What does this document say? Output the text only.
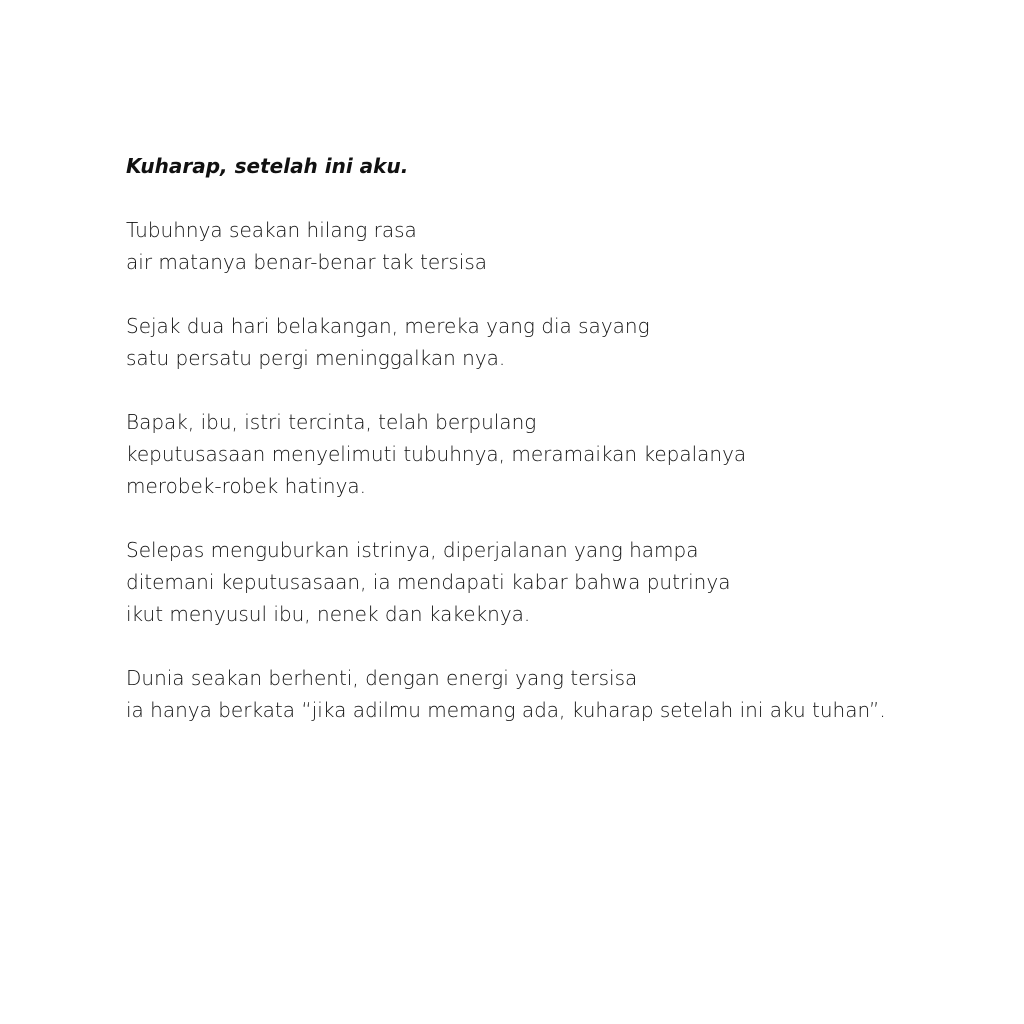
Kuharap, setelah ini aku.
Tubuhnya seakan hilang rasa
air matanya benar-benar tak tersisa
Sejak dua hari belakangan, mereka yang dia sayang
satu persatu pergi meninggalkan nya.
Bapak, ibu, istri tercinta, telah berpulang
keputusasaan menyelimuti tubuhnya, meramaikan kepalanya
merobek-robek hatinya.
Selepas menguburkan istrinya, diperjalanan yang hampa
ditemani keputusasaan, ia mendapati kabar bahwa putrinya
ikut menyusul ibu, nenek dan kakeknya.
Dunia seakan berhenti, dengan energi yang tersisa
ia hanya berkata “jika adilmu memang ada, kuharap setelah ini aku tuhan”.
